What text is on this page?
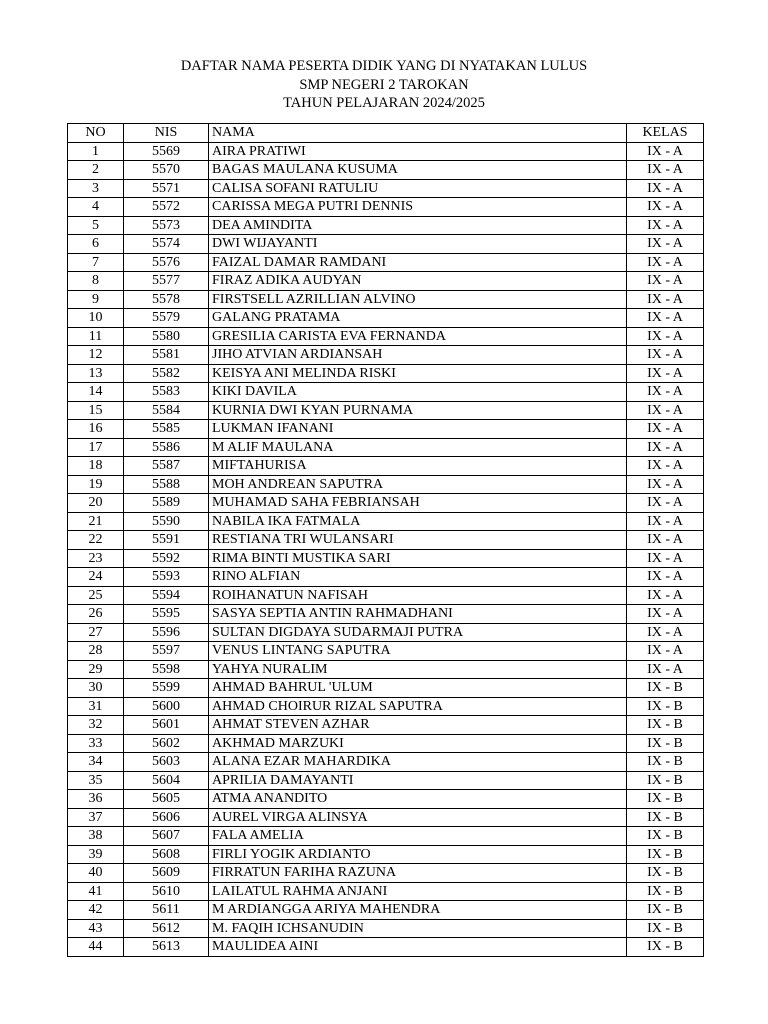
DAFTAR NAMA PESERTA DIDIK YANG DI NYATAKAN LULUS
SMP NEGERI 2 TAROKAN
TAHUN PELAJARAN 2024/2025
NO	NIS	NAMA	KELAS
1	5569	AIRA PRATIWI	IX - A
2	5570	BAGAS MAULANA KUSUMA	IX - A
3	5571	CALISA SOFANI RATULIU	IX - A
4	5572	CARISSA MEGA PUTRI DENNIS	IX - A
5	5573	DEA AMINDITA	IX - A
6	5574	DWI WIJAYANTI	IX - A
7	5576	FAIZAL DAMAR RAMDANI	IX - A
8	5577	FIRAZ ADIKA AUDYAN	IX - A
9	5578	FIRSTSELL AZRILLIAN ALVINO	IX - A
10	5579	GALANG PRATAMA	IX - A
11	5580	GRESILIA CARISTA EVA FERNANDA	IX - A
12	5581	JIHO ATVIAN ARDIANSAH	IX - A
13	5582	KEISYA ANI MELINDA RISKI	IX - A
14	5583	KIKI DAVILA	IX - A
15	5584	KURNIA DWI KYAN PURNAMA	IX - A
16	5585	LUKMAN IFANANI	IX - A
17	5586	M ALIF MAULANA	IX - A
18	5587	MIFTAHURISA	IX - A
19	5588	MOH ANDREAN SAPUTRA	IX - A
20	5589	MUHAMAD SAHA FEBRIANSAH	IX - A
21	5590	NABILA IKA FATMALA	IX - A
22	5591	RESTIANA TRI WULANSARI	IX - A
23	5592	RIMA BINTI MUSTIKA SARI	IX - A
24	5593	RINO ALFIAN	IX - A
25	5594	ROIHANATUN NAFISAH	IX - A
26	5595	SASYA SEPTIA ANTIN RAHMADHANI	IX - A
27	5596	SULTAN DIGDAYA SUDARMAJI PUTRA	IX - A
28	5597	VENUS LINTANG SAPUTRA	IX - A
29	5598	YAHYA NURALIM	IX - A
30	5599	AHMAD BAHRUL 'ULUM	IX - B
31	5600	AHMAD CHOIRUR RIZAL SAPUTRA	IX - B
32	5601	AHMAT STEVEN AZHAR	IX - B
33	5602	AKHMAD MARZUKI	IX - B
34	5603	ALANA EZAR MAHARDIKA	IX - B
35	5604	APRILIA DAMAYANTI	IX - B
36	5605	ATMA ANANDITO	IX - B
37	5606	AUREL VIRGA ALINSYA	IX - B
38	5607	FALA AMELIA	IX - B
39	5608	FIRLI YOGIK ARDIANTO	IX - B
40	5609	FIRRATUN FARIHA RAZUNA	IX - B
41	5610	LAILATUL RAHMA ANJANI	IX - B
42	5611	M ARDIANGGA ARIYA MAHENDRA	IX - B
43	5612	M. FAQIH ICHSANUDIN	IX - B
44	5613	MAULIDEA AINI	IX - B
